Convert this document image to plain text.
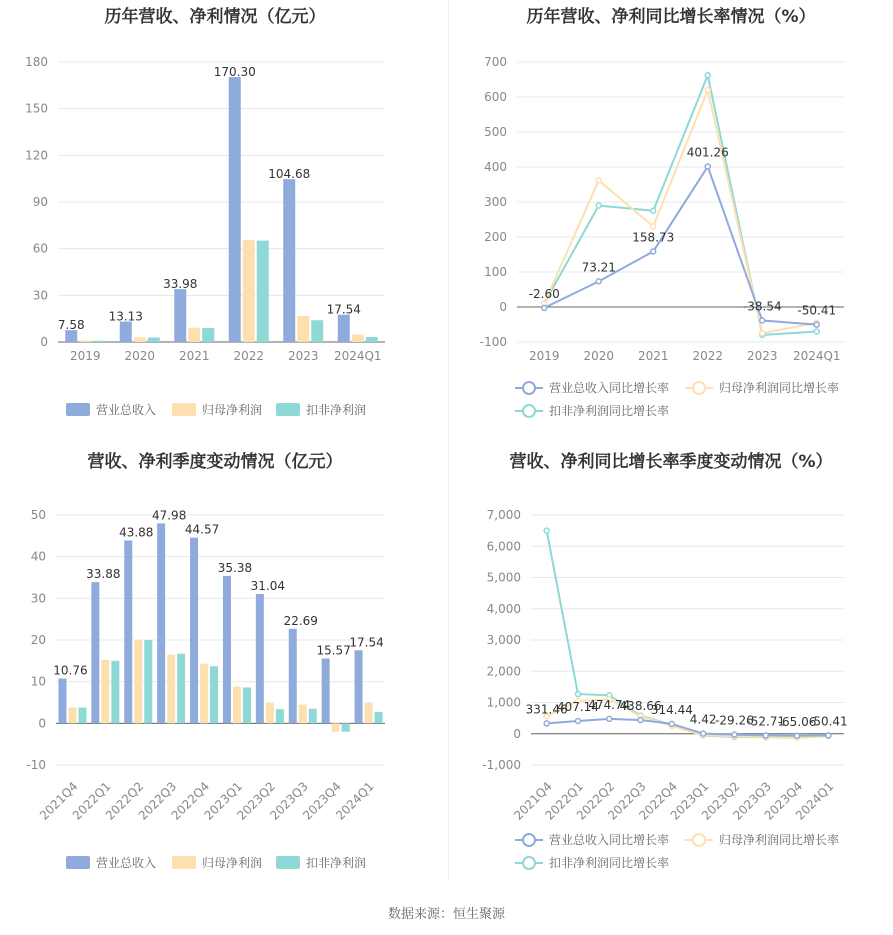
历年营收、净利情况（亿元）
0
30
60
90
120
150
180
7.58
13.13
33.98
170.30
104.68
17.54
2019 2020 2021 2022 2023 2024Q1
营业总收入	归母净利润	扣非净利润
历年营收、净利同比增长率情况（%）
-100
0
100
200
300
400
500
600
700
-2.60
73.21
158.73
401.26
-38.54 -50.41
2019 2020 2021 2022 2023 2024Q1
营业总收入同比增长率	归母净利润同比增长率
扣非净利润同比增长率
营收、净利季度变动情况（亿元）
-10
0
10
20
30
40
50
10.76
33.88
43.88
47.98
44.57
35.38
31.04
22.69
15.57
17.54
2021Q4
2022Q1
2022Q2
2022Q3
2022Q4
2023Q1
2023Q2
2023Q3
2023Q4
2024Q1
营业总收入	归母净利润	扣非净利润
营收、净利同比增长率季度变动情况（%）
-1,000
0
1,000
2,000
3,000
4,000
5,000
6,000
7,000
331.46
407.14
474.74
438.66
314.44
4.42
-29.26
-52.71
-65.06
-50.41
2021Q4
2022Q1
2022Q2
2022Q3
2022Q4
2023Q1
2023Q2
2023Q3
2023Q4
2024Q1
营业总收入同比增长率	归母净利润同比增长率
扣非净利润同比增长率
数据来源：恒生聚源
